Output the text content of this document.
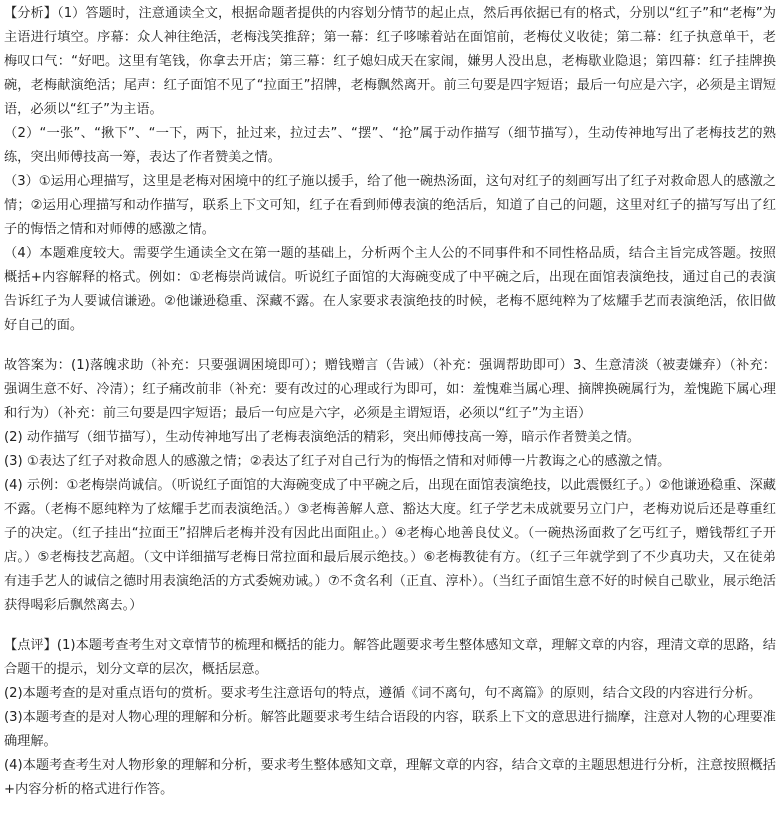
【分析】（1）答题时，注意通读全文，根据命题者提供的内容划分情节的起止点，然后再依据已有的格式，分别以“红子”和“老梅”为主语进行填空。序幕：众人神往绝活，老梅浅笑推辞；第一幕：红子哆嗦着站在面馆前，老梅仗义收徒；第二幕：红子执意单干，老梅叹口气：“好吧。这里有笔钱，你拿去开店；第三幕：红子媳妇成天在家闹，嫌男人没出息，老梅歇业隐退；第四幕：红子挂牌换碗，老梅献演绝活；尾声：红子面馆不见了“拉面王”招牌，老梅飘然离开。前三句要是四字短语；最后一句应是六字，必须是主谓短语，必须以“红子”为主语。

（2）“一张”、“揪下”、“一下，两下，扯过来，拉过去”、“摆”、“抢”属于动作描写（细节描写），生动传神地写出了老梅技艺的熟练，突出师傅技高一筹，表达了作者赞美之情。

（3）①运用心理描写，这里是老梅对困境中的红子施以援手，给了他一碗热汤面，这句对红子的刻画写出了红子对救命恩人的感激之情；②运用心理描写和动作描写，联系上下文可知，红子在看到师傅表演的绝活后，知道了自己的问题，这里对红子的描写写出了红子的悔悟之情和对师傅的感激之情。

（4）本题难度较大。需要学生通读全文在第一题的基础上，分析两个主人公的不同事件和不同性格品质，结合主旨完成答题。按照概括+内容解释的格式。例如：①老梅崇尚诚信。听说红子面馆的大海碗变成了中平碗之后，出现在面馆表演绝技，通过自己的表演告诉红子为人要诚信谦逊。②他谦逊稳重、深藏不露。在人家要求表演绝技的时候，老梅不愿纯粹为了炫耀手艺而表演绝活，依旧做好自己的面。

故答案为：(1)落魄求助（补充：只要强调困境即可）；赠钱赠言（告诫）（补充：强调帮助即可）3、生意清淡（被妻嫌弃）（补充：强调生意不好、冷清）；红子痛改前非（补充：要有改过的心理或行为即可，如：羞愧难当属心理、摘牌换碗属行为，羞愧跪下属心理和行为）（补充：前三句要是四字短语；最后一句应是六字，必须是主谓短语，必须以“红子”为主语）

(2) 动作描写（细节描写），生动传神地写出了老梅表演绝活的精彩，突出师傅技高一筹，暗示作者赞美之情。

(3) ①表达了红子对救命恩人的感激之情；②表达了红子对自己行为的悔悟之情和对师傅一片教诲之心的感激之情。

(4) 示例：①老梅崇尚诚信。（听说红子面馆的大海碗变成了中平碗之后，出现在面馆表演绝技，以此震慑红子。）②他谦逊稳重、深藏不露。（老梅不愿纯粹为了炫耀手艺而表演绝活。）③老梅善解人意、豁达大度。红子学艺未成就要另立门户，老梅劝说后还是尊重红子的决定。（红子挂出“拉面王”招牌后老梅并没有因此出面阻止。）④老梅心地善良仗义。（一碗热汤面救了乞丐红子，赠钱帮红子开店。）⑤老梅技艺高超。（文中详细描写老梅日常拉面和最后展示绝技。）⑥老梅教徒有方。（红子三年就学到了不少真功夫，又在徒弟有违手艺人的诚信之德时用表演绝活的方式委婉劝诫。）⑦不贪名利（正直、淳朴）。（当红子面馆生意不好的时候自己歇业，展示绝活获得喝彩后飘然离去。）

【点评】(1)本题考查考生对文章情节的梳理和概括的能力。解答此题要求考生整体感知文章，理解文章的内容，理清文章的思路，结合题干的提示，划分文章的层次，概括层意。

(2)本题考查的是对重点语句的赏析。要求考生注意语句的特点，遵循《词不离句，句不离篇》的原则，结合文段的内容进行分析。

(3)本题考查的是对人物心理的理解和分析。解答此题要求考生结合语段的内容，联系上下文的意思进行揣摩，注意对人物的心理要准确理解。

(4)本题考查考生对人物形象的理解和分析，要求考生整体感知文章，理解文章的内容，结合文章的主题思想进行分析，注意按照概括+内容分析的格式进行作答。
